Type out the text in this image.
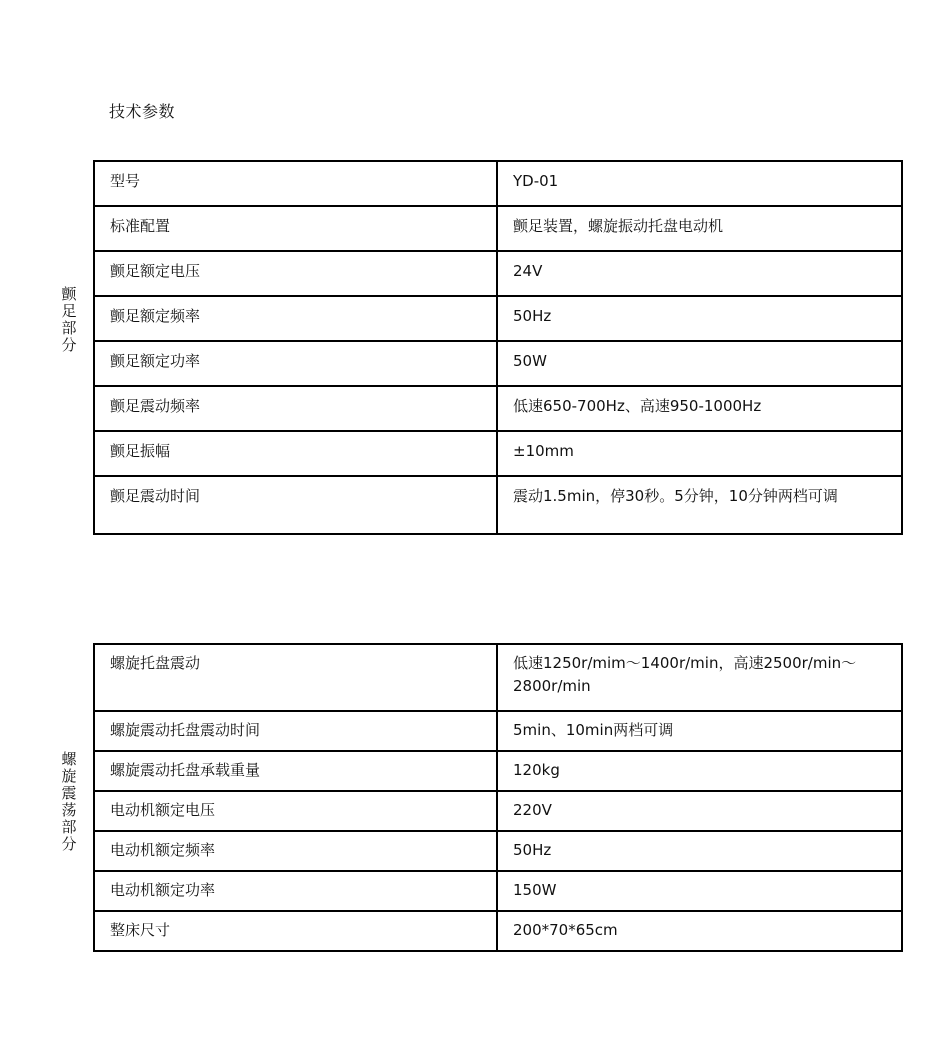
技术参数
颤足部分
型号	YD-01
标准配置	颤足装置，螺旋振动托盘电动机
颤足额定电压	24V
颤足额定频率	50Hz
颤足额定功率	50W
颤足震动频率	低速650-700Hz、高速950-1000Hz
颤足振幅	±10mm
颤足震动时间	震动1.5min，停30秒。5分钟，10分钟两档可调
螺旋震荡部分
螺旋托盘震动	低速1250r/mim～1400r/min，高速2500r/min～2800r/min
螺旋震动托盘震动时间	5min、10min两档可调
螺旋震动托盘承载重量	120kg
电动机额定电压	220V
电动机额定频率	50Hz
电动机额定功率	150W
整床尺寸	200*70*65cm
